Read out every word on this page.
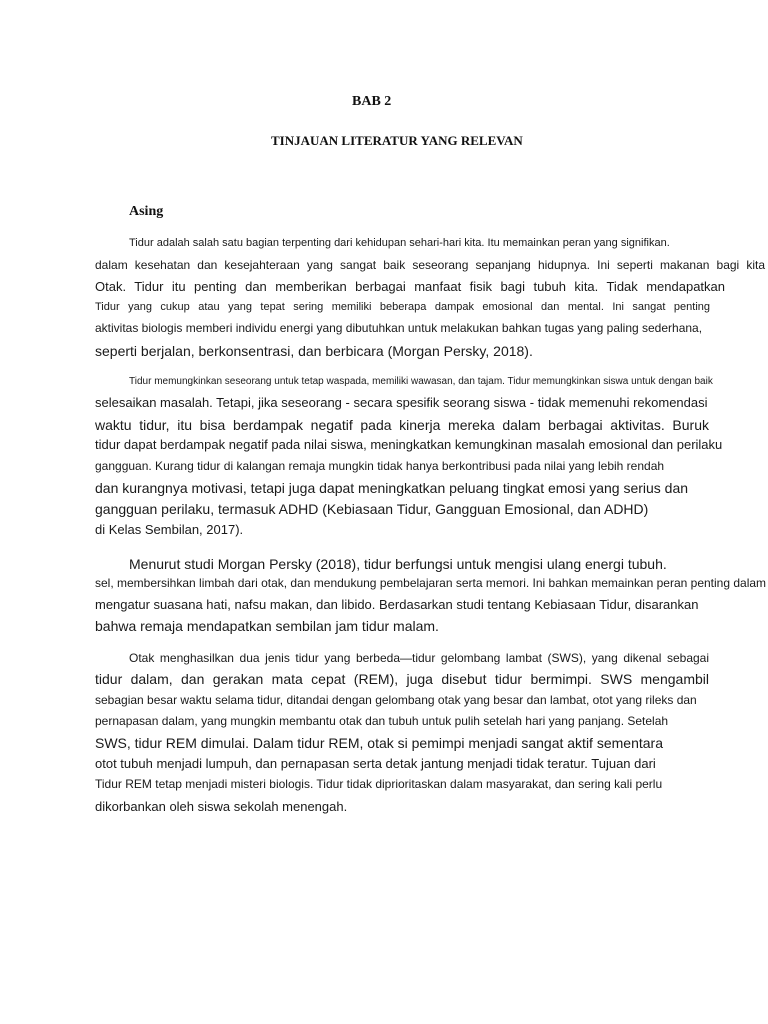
BAB 2
TINJAUAN LITERATUR YANG RELEVAN
Asing
Tidur adalah salah satu bagian terpenting dari kehidupan sehari-hari kita. Itu memainkan peran yang signifikan.
dalam kesehatan dan kesejahteraan yang sangat baik seseorang sepanjang hidupnya. Ini seperti makanan bagi kita
Otak. Tidur itu penting dan memberikan berbagai manfaat fisik bagi tubuh kita. Tidak mendapatkan
Tidur yang cukup atau yang tepat sering memiliki beberapa dampak emosional dan mental. Ini sangat penting
aktivitas biologis memberi individu energi yang dibutuhkan untuk melakukan bahkan tugas yang paling sederhana,
seperti berjalan, berkonsentrasi, dan berbicara (Morgan Persky, 2018).
Tidur memungkinkan seseorang untuk tetap waspada, memiliki wawasan, dan tajam. Tidur memungkinkan siswa untuk dengan baik
selesaikan masalah. Tetapi, jika seseorang - secara spesifik seorang siswa - tidak memenuhi rekomendasi
waktu tidur, itu bisa berdampak negatif pada kinerja mereka dalam berbagai aktivitas. Buruk
tidur dapat berdampak negatif pada nilai siswa, meningkatkan kemungkinan masalah emosional dan perilaku
gangguan. Kurang tidur di kalangan remaja mungkin tidak hanya berkontribusi pada nilai yang lebih rendah
dan kurangnya motivasi, tetapi juga dapat meningkatkan peluang tingkat emosi yang serius dan
gangguan perilaku, termasuk ADHD (Kebiasaan Tidur, Gangguan Emosional, dan ADHD)
di Kelas Sembilan, 2017).
Menurut studi Morgan Persky (2018), tidur berfungsi untuk mengisi ulang energi tubuh.
sel, membersihkan limbah dari otak, dan mendukung pembelajaran serta memori. Ini bahkan memainkan peran penting dalam
mengatur suasana hati, nafsu makan, dan libido. Berdasarkan studi tentang Kebiasaan Tidur, disarankan
bahwa remaja mendapatkan sembilan jam tidur malam.
Otak menghasilkan dua jenis tidur yang berbeda—tidur gelombang lambat (SWS), yang dikenal sebagai
tidur dalam, dan gerakan mata cepat (REM), juga disebut tidur bermimpi. SWS mengambil
sebagian besar waktu selama tidur, ditandai dengan gelombang otak yang besar dan lambat, otot yang rileks dan
pernapasan dalam, yang mungkin membantu otak dan tubuh untuk pulih setelah hari yang panjang. Setelah
SWS, tidur REM dimulai. Dalam tidur REM, otak si pemimpi menjadi sangat aktif sementara
otot tubuh menjadi lumpuh, dan pernapasan serta detak jantung menjadi tidak teratur. Tujuan dari
Tidur REM tetap menjadi misteri biologis. Tidur tidak diprioritaskan dalam masyarakat, dan sering kali perlu
dikorbankan oleh siswa sekolah menengah.
